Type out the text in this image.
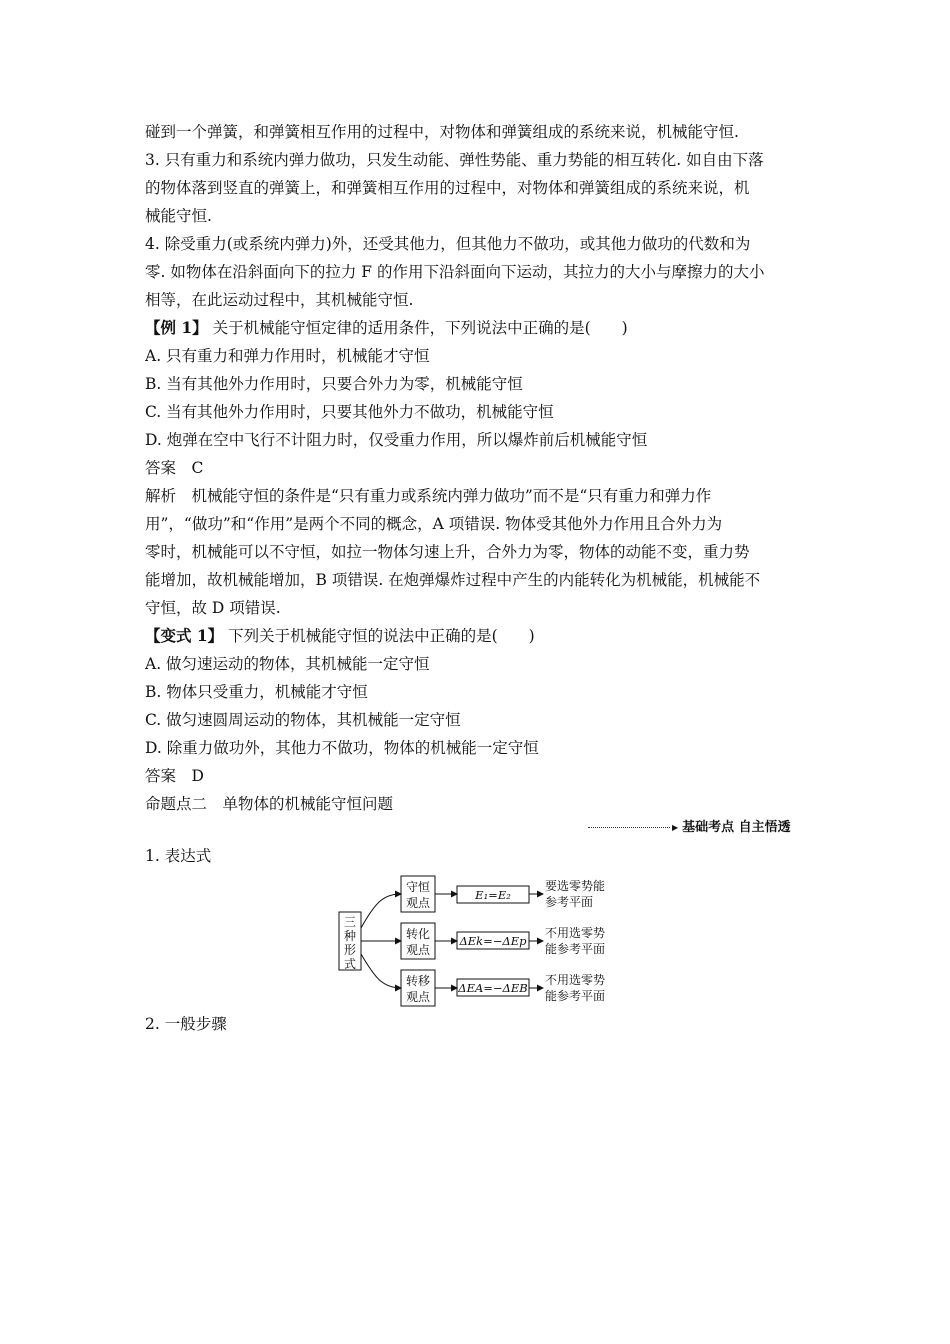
碰到一个弹簧，和弹簧相互作用的过程中，对物体和弹簧组成的系统来说，机械能守恒.
3. 只有重力和系统内弹力做功，只发生动能、弹性势能、重力势能的相互转化. 如自由下落
的物体落到竖直的弹簧上，和弹簧相互作用的过程中，对物体和弹簧组成的系统来说，机
械能守恒.
4. 除受重力(或系统内弹力)外，还受其他力，但其他力不做功，或其他力做功的代数和为
零. 如物体在沿斜面向下的拉力 F 的作用下沿斜面向下运动，其拉力的大小与摩擦力的大小
相等，在此运动过程中，其机械能守恒.
【例 1】 关于机械能守恒定律的适用条件，下列说法中正确的是(　　)
A. 只有重力和弹力作用时，机械能才守恒
B. 当有其他外力作用时，只要合外力为零，机械能守恒
C. 当有其他外力作用时，只要其他外力不做功，机械能守恒
D. 炮弹在空中飞行不计阻力时，仅受重力作用，所以爆炸前后机械能守恒
答案　C
解析　机械能守恒的条件是“只有重力或系统内弹力做功”而不是“只有重力和弹力作
用”，“做功”和“作用”是两个不同的概念，A 项错误. 物体受其他外力作用且合外力为
零时，机械能可以不守恒，如拉一物体匀速上升，合外力为零，物体的动能不变，重力势
能增加，故机械能增加，B 项错误. 在炮弹爆炸过程中产生的内能转化为机械能，机械能不
守恒，故 D 项错误.
【变式 1】 下列关于机械能守恒的说法中正确的是(　　)
A. 做匀速运动的物体，其机械能一定守恒
B. 物体只受重力，机械能才守恒
C. 做匀速圆周运动的物体，其机械能一定守恒
D. 除重力做功外，其他力不做功，物体的机械能一定守恒
答案　D
命题点二　单物体的机械能守恒问题
▶ 基础考点 自主悟透
1. 表达式
三
种
形
式
守恒
观点
E₁=E₂
要选零势能
参考平面
转化
观点
ΔEk=−ΔEp
不用选零势
能参考平面
转移
观点
ΔEA=−ΔEB
不用选零势
能参考平面
2. 一般步骤
